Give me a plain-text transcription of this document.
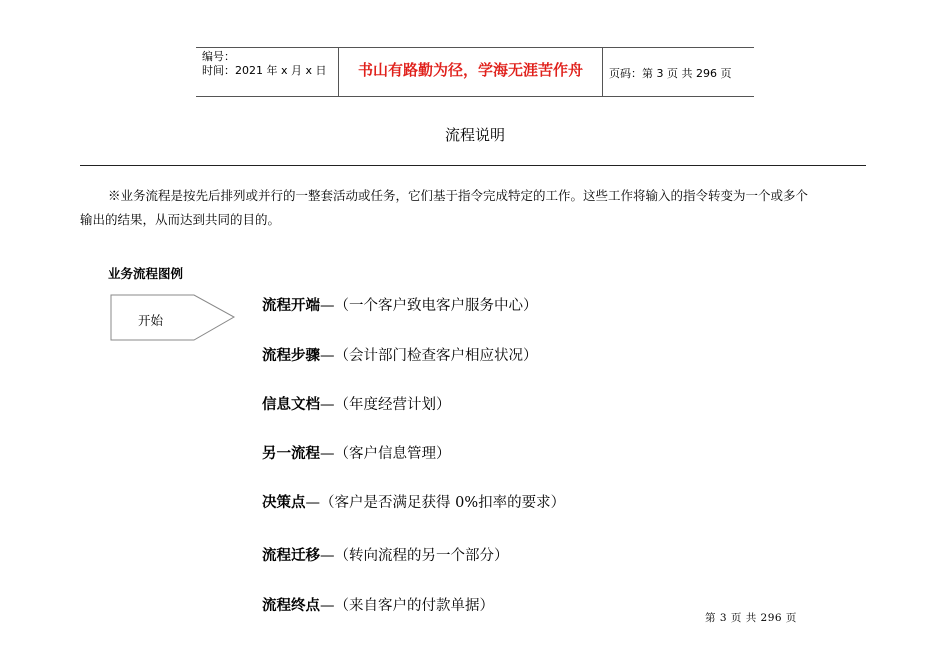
编号：
时间：2021 年 x 月 x 日	书山有路勤为径，学海无涯苦作舟	页码：第 3 页 共 296 页
流程说明
※业务流程是按先后排列或并行的一整套活动或任务，它们基于指令完成特定的工作。这些工作将输入的指令转变为一个或多个
输出的结果，从而达到共同的目的。
业务流程图例
开始
流程开端—（一个客户致电客户服务中心）
流程步骤—（会计部门检查客户相应状况）
信息文档—（年度经营计划）
另一流程—（客户信息管理）
决策点—（客户是否满足获得 0%扣率的要求）
流程迁移—（转向流程的另一个部分）
流程终点—（来自客户的付款单据）
第 3 页 共 296 页
